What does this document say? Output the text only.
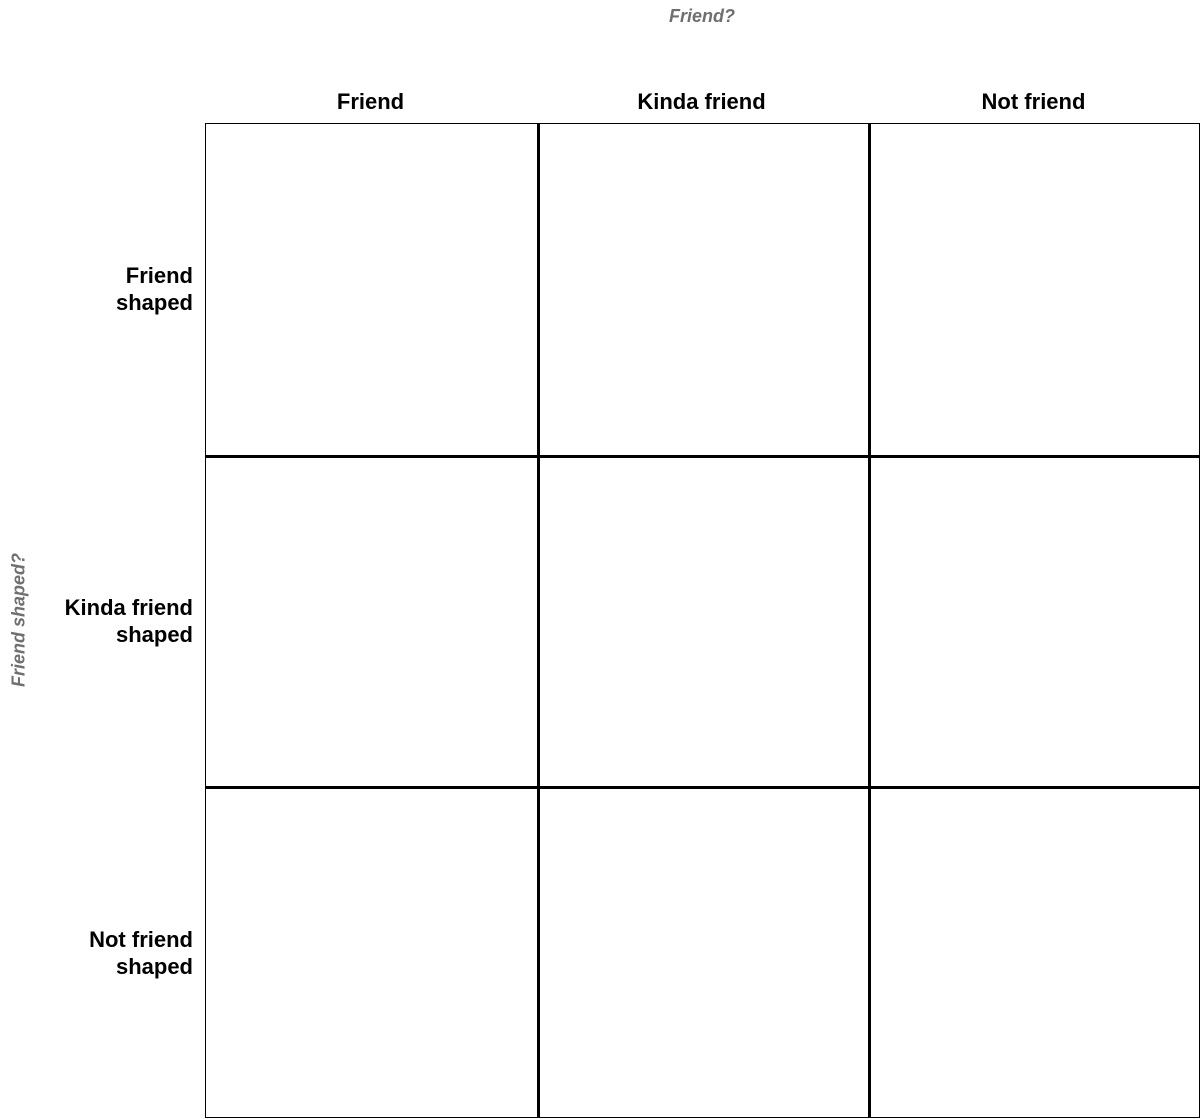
Friend?
Friend shaped?
Friend	Kinda friend	Not friend
Friend
shaped
Kinda friend
shaped
Not friend
shaped
